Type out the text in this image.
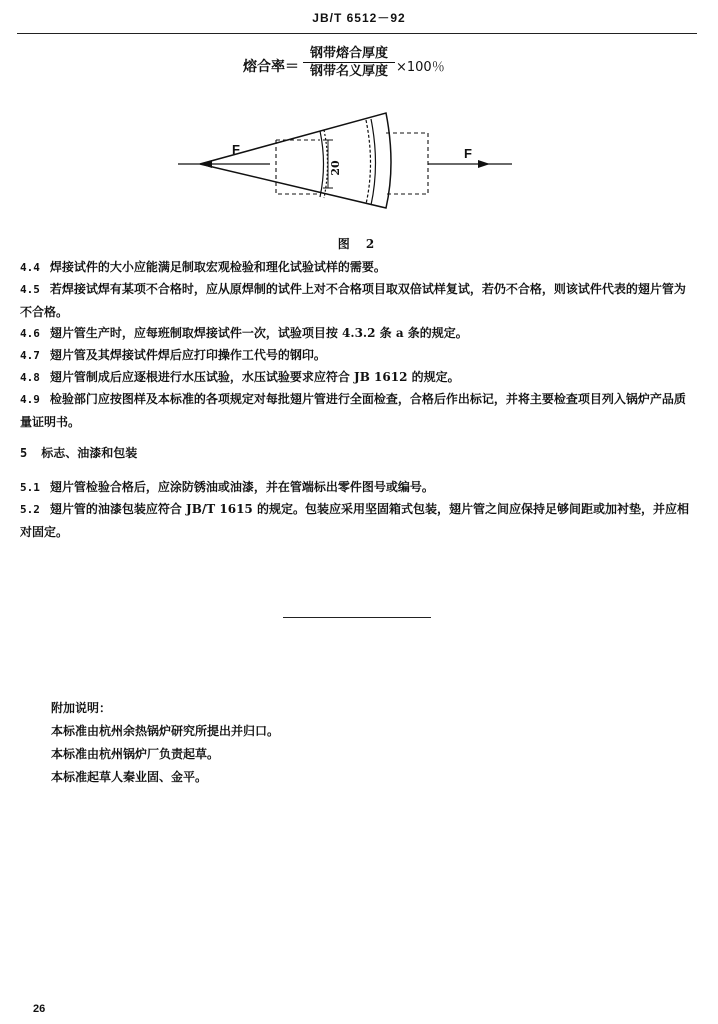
JB/T 6512－92
熔合率＝
钢带熔合厚度
钢带名义厚度 ×100％
20
F	F
图 2
4.4 焊接试件的大小应能满足制取宏观检验和理化试验试样的需要。
4.5 若焊接试焊有某项不合格时，应从原焊制的试件上对不合格项目取双倍试样复试，若仍不合格，则该试件代表的翅片管为不合格。
4.6 翅片管生产时，应每班制取焊接试件一次，试验项目按 4.3.2 条 a 条的规定。
4.7 翅片管及其焊接试件焊后应打印操作工代号的钢印。
4.8 翅片管制成后应逐根进行水压试验，水压试验要求应符合 JB 1612 的规定。
4.9 检验部门应按图样及本标准的各项规定对每批翅片管进行全面检查，合格后作出标记，并将主要检查项目列入锅炉产品质量证明书。
5 标志、油漆和包装
5.1 翅片管检验合格后，应涂防锈油或油漆，并在管端标出零件图号或编号。
5.2 翅片管的油漆包装应符合 JB/T 1615 的规定。包装应采用坚固箱式包装，翅片管之间应保持足够间距或加衬垫，并应相对固定。
附加说明：
本标准由杭州余热锅炉研究所提出并归口。
本标准由杭州锅炉厂负责起草。
本标准起草人秦业固、金平。
26
